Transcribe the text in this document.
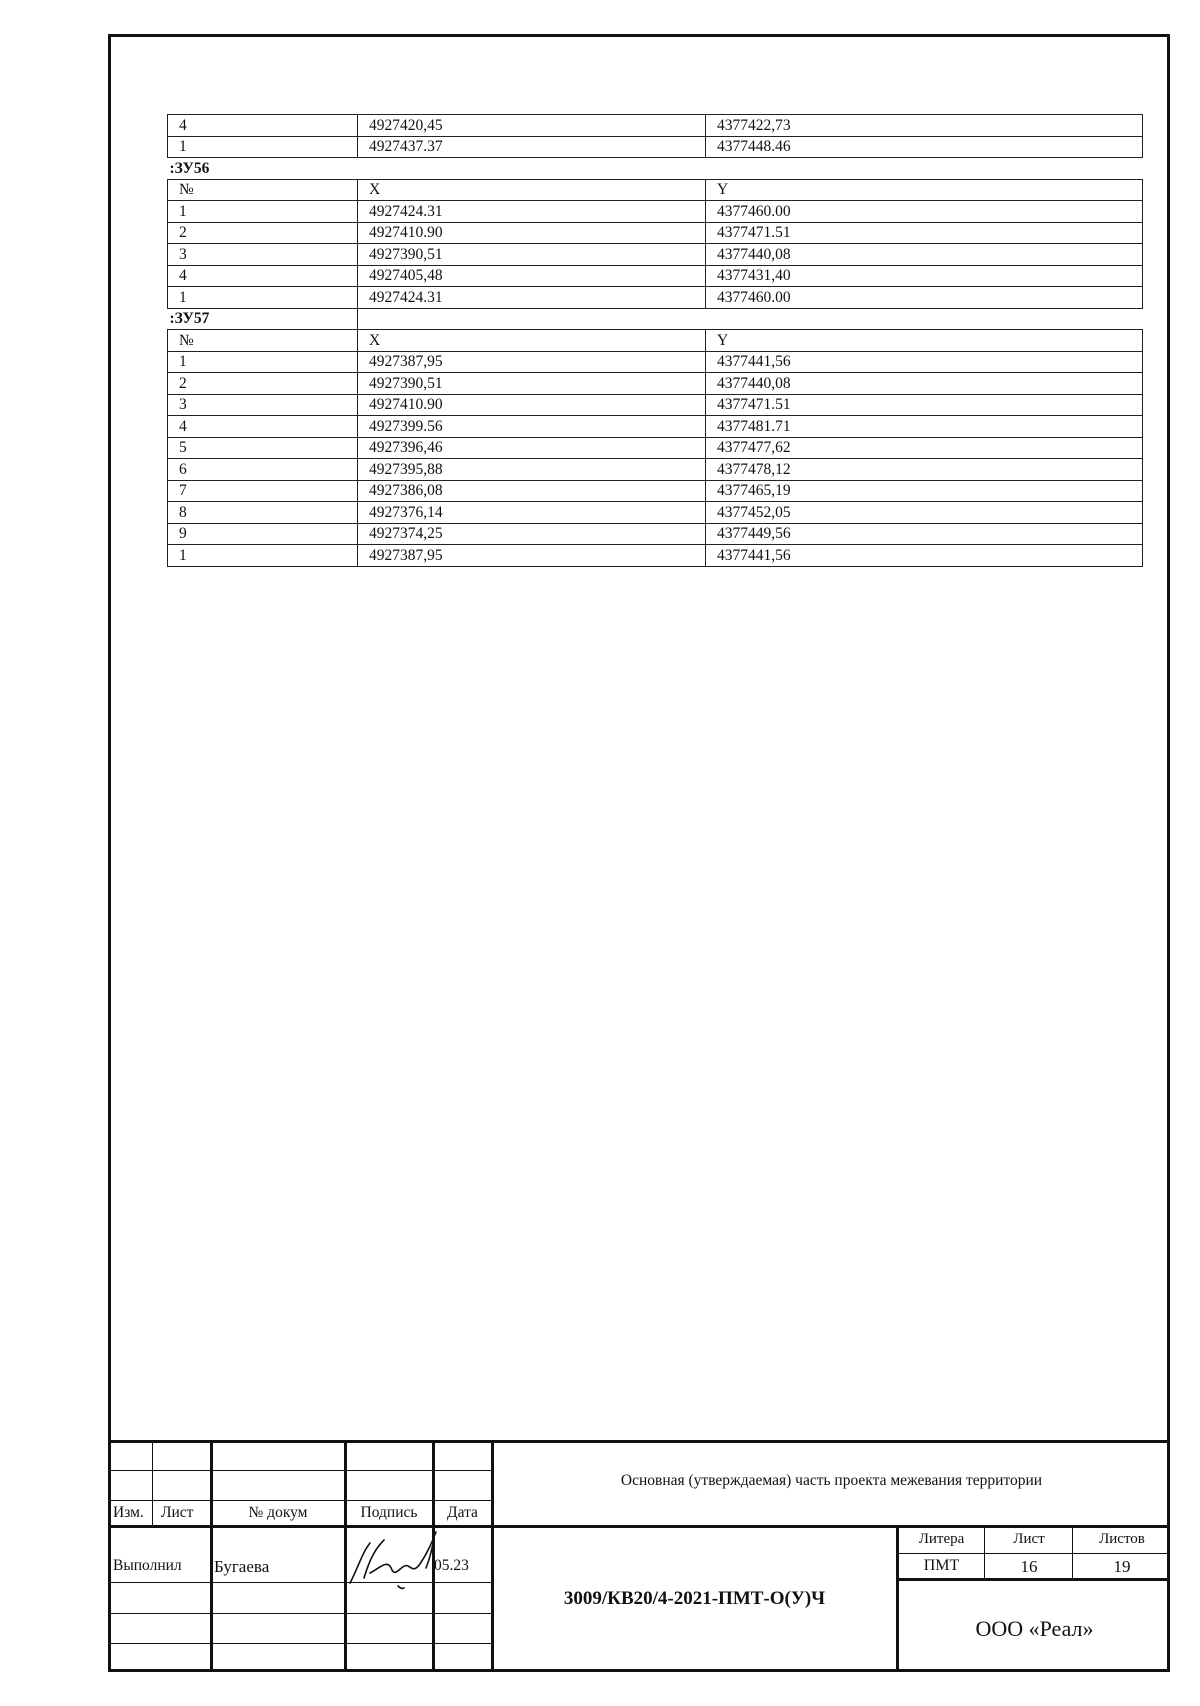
4	4927420,45	4377422,73
1	4927437.37	4377448.46
:ЗУ56		
№	X	Y
1	4927424.31	4377460.00
2	4927410.90	4377471.51
3	4927390,51	4377440,08
4	4927405,48	4377431,40
1	4927424.31	4377460.00
:ЗУ57		
№	X	Y
1	4927387,95	4377441,56
2	4927390,51	4377440,08
3	4927410.90	4377471.51
4	4927399.56	4377481.71
5	4927396,46	4377477,62
6	4927395,88	4377478,12
7	4927386,08	4377465,19
8	4927376,14	4377452,05
9	4927374,25	4377449,56
1	4927387,95	4377441,56
Изм. Лист	№ докум	Подпись	Дата
Основная (утверждаемая) часть проекта межевания территории
Выполнил Бугаева	05.23
3009/КВ20/4-2021-ПМТ-О(У)Ч
Литера	Лист	Листов
ПМТ	16	19
ООО «Реал»
